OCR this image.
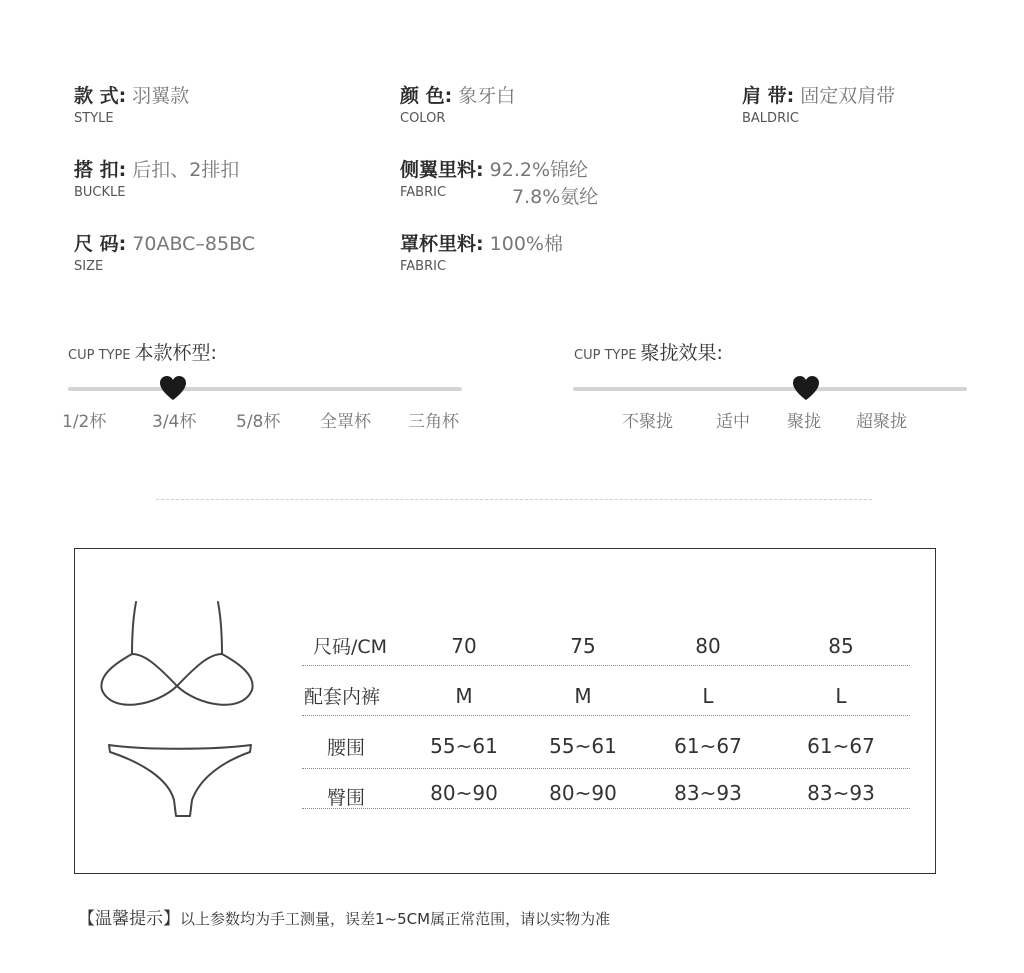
款 式: 羽翼款
STYLE
颜 色: 象牙白
COLOR
肩 带: 固定双肩带
BALDRIC
搭 扣: 后扣、2排扣
BUCKLE
侧翼里料: 92.2%锦纶
FABRIC	7.8%氨纶
尺 码: 70ABC–85BC
SIZE
罩杯里料: 100%棉
FABRIC
CUP TYPE 本款杯型:
1/2杯	3/4杯 5/8杯 全罩杯 三角杯
CUP TYPE 聚拢效果:
不聚拢	适中 聚拢 超聚拢
尺码/CM	70	75	80	85
配套内裤	M	M	L	L
腰围	55~61	55~61	61~67	61~67
臀围	80~90	80~90	83~93	83~93
【温馨提示】以上参数均为手工测量，误差1~5CM属正常范围，请以实物为准
